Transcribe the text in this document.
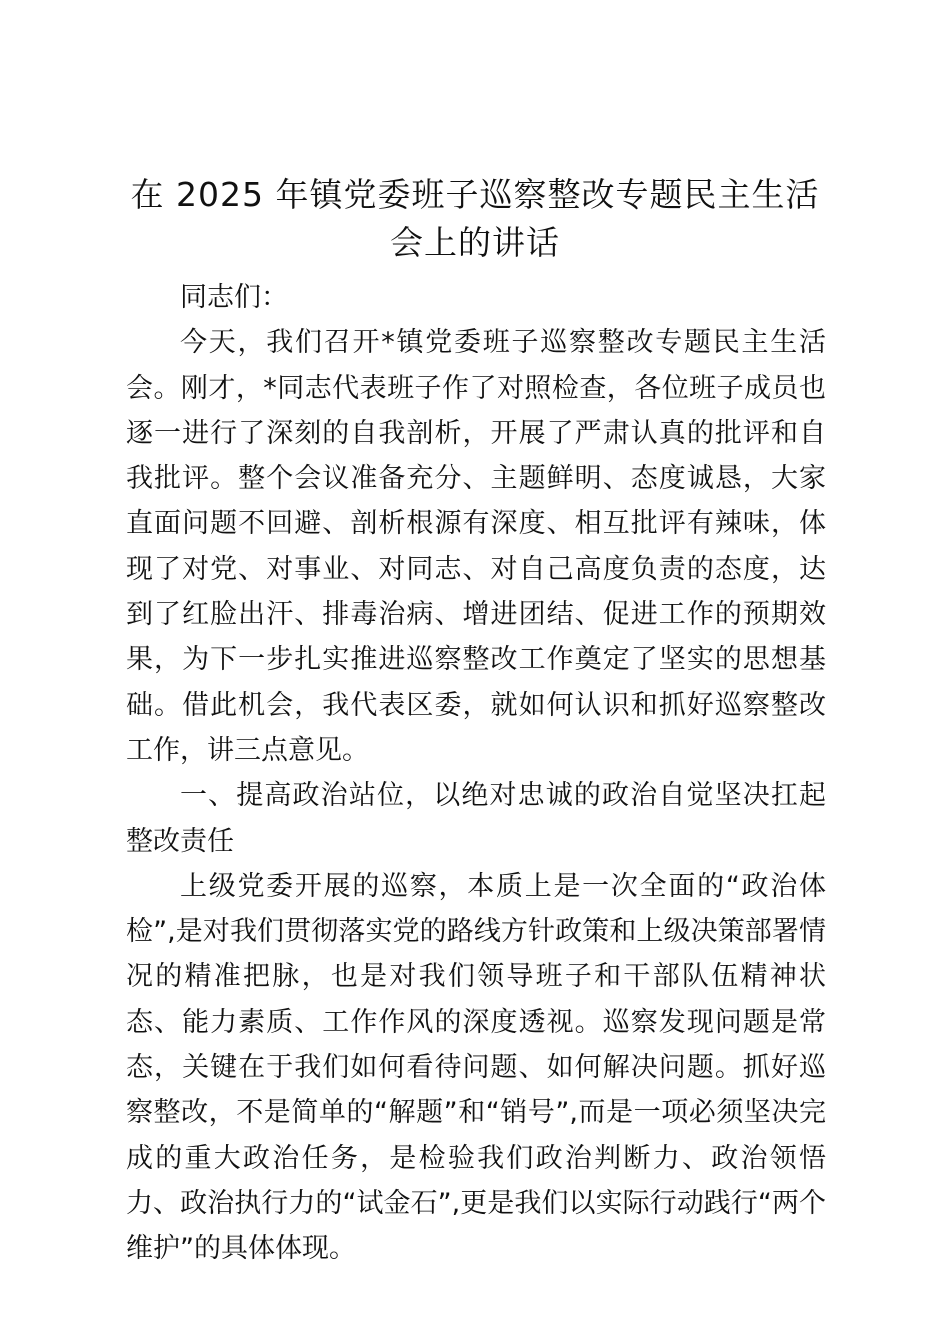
在 2025 年镇党委班子巡察整改专题民主生活会上的讲话

同志们：

今天，我们召开*镇党委班子巡察整改专题民主生活会。刚才，*同志代表班子作了对照检查，各位班子成员也逐一进行了深刻的自我剖析，开展了严肃认真的批评和自我批评。整个会议准备充分、主题鲜明、态度诚恳，大家直面问题不回避、剖析根源有深度、相互批评有辣味，体现了对党、对事业、对同志、对自己高度负责的态度，达到了红脸出汗、排毒治病、增进团结、促进工作的预期效果，为下一步扎实推进巡察整改工作奠定了坚实的思想基础。借此机会，我代表区委，就如何认识和抓好巡察整改工作，讲三点意见。

一、提高政治站位，以绝对忠诚的政治自觉坚决扛起整改责任

上级党委开展的巡察，本质上是一次全面的“政治体检”,是对我们贯彻落实党的路线方针政策和上级决策部署情况的精准把脉，也是对我们领导班子和干部队伍精神状态、能力素质、工作作风的深度透视。巡察发现问题是常态，关键在于我们如何看待问题、如何解决问题。抓好巡察整改，不是简单的“解题”和“销号”,而是一项必须坚决完成的重大政治任务，是检验我们政治判断力、政治领悟力、政治执行力的“试金石”,更是我们以实际行动践行“两个维护”的具体体现。
